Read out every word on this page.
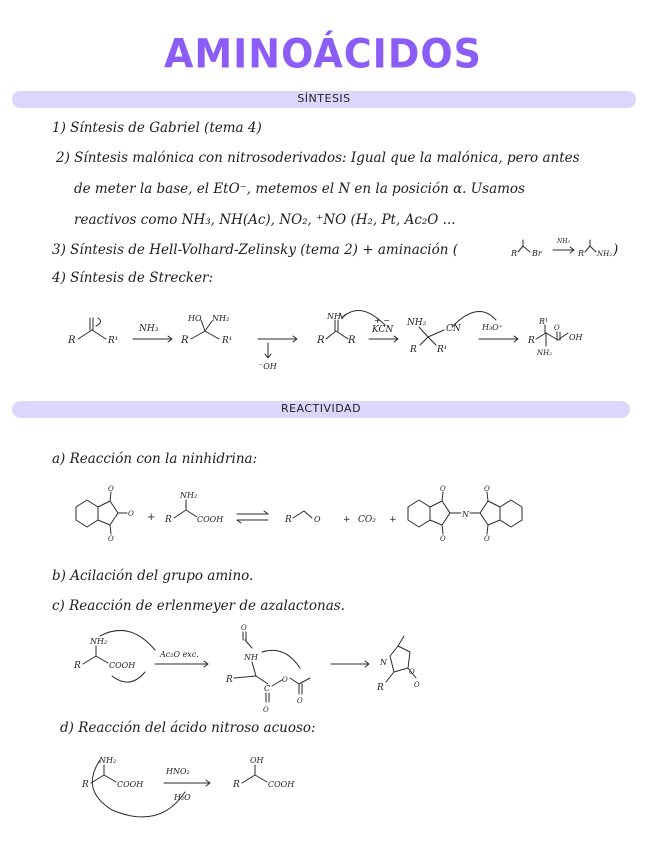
AMINOÁCIDOS
SÍNTESIS
1) Síntesis de Gabriel (tema 4)
2) Síntesis malónica con nitrosoderivados: Igual que la malónica, pero antes
de meter la base, el EtO⁻, metemos el N en la posición α. Usamos
reactivos como NH₃, NH(Ac), NO₂, ⁺NO (H₂, Pt, Ac₂O ...
3) Síntesis de Hell-Volhard-Zelinsky (tema 2) + aminación (	)
4) Síntesis de Strecker:
REACTIVIDAD
a) Reacción con la ninhidrina:
b) Acilación del grupo amino.
c) Reacción de erlenmeyer de azalactonas.
d) Reacción del ácido nitroso acuoso:
R Br
NH₃
R NH₂
R	R¹
NH₃
R
HO NH₂
R¹
⁻OH
R
NH₂
R
+ −
KCN
NH₂
R R¹
CN	H₃O⁺
R
R¹
O
NH₂
OH
O
O
O + R
NH₂
COOH	R	O + CO₂ +
O
O
N
O
O
R
NH₂
COOH
Ac₂O exc.
O
NH
R
C
O
O
O
N
O
O
R
R
NH₂
COOH
HNO₂
H₂O
R
OH
COOH
